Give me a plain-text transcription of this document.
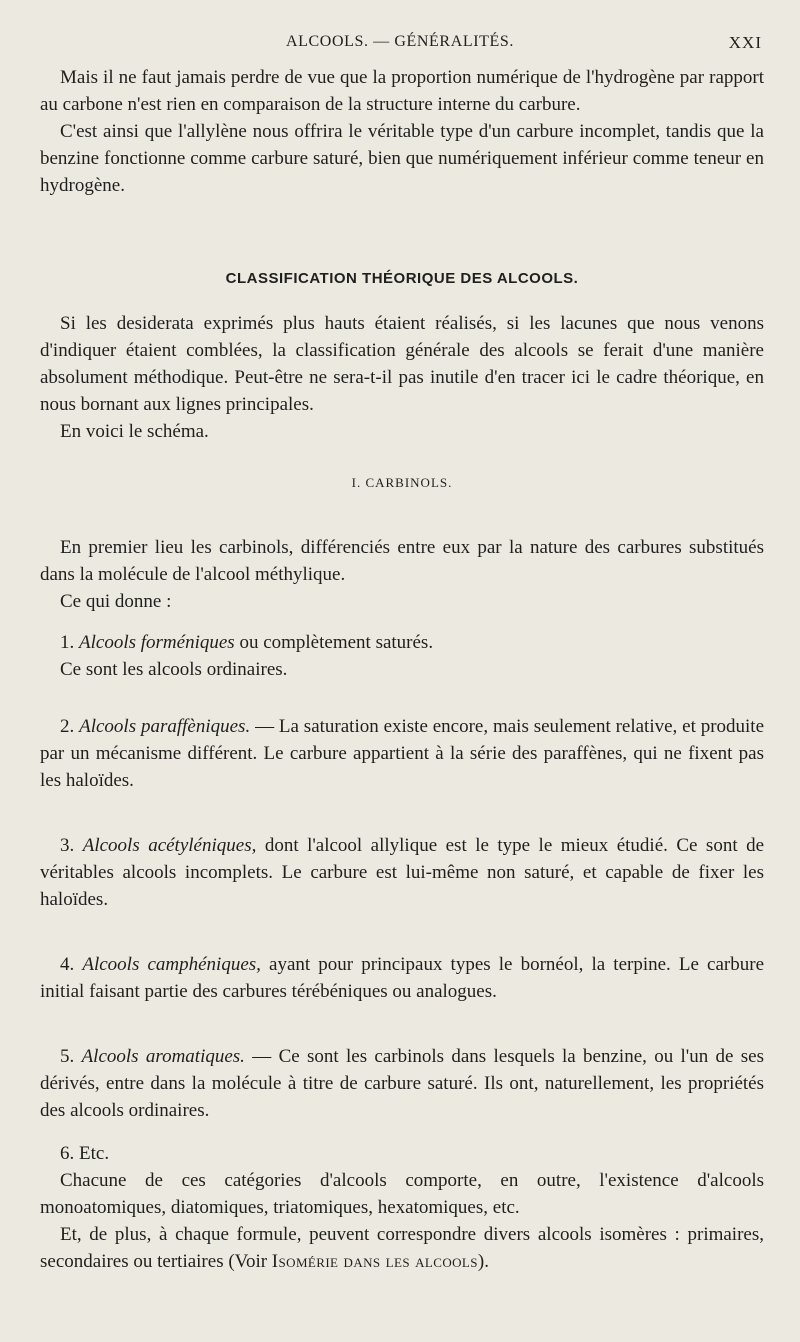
ALCOOLS. — GÉNÉRALITÉS.	XXI

Mais il ne faut jamais perdre de vue que la proportion numérique de l'hydrogène par rapport au carbone n'est rien en comparaison de la structure interne du carbure.

C'est ainsi que l'allylène nous offrira le véritable type d'un carbure incomplet, tandis que la benzine fonctionne comme carbure saturé, bien que numériquement inférieur comme teneur en hydrogène.

CLASSIFICATION THÉORIQUE DES ALCOOLS.

Si les desiderata exprimés plus hauts étaient réalisés, si les lacunes que nous venons d'indiquer étaient comblées, la classification générale des alcools se ferait d'une manière absolument méthodique. Peut-être ne sera-t-il pas inutile d'en tracer ici le cadre théorique, en nous bornant aux lignes principales.

En voici le schéma.

I. CARBINOLS.

En premier lieu les carbinols, différenciés entre eux par la nature des carbures substitués dans la molécule de l'alcool méthylique.

Ce qui donne :

1. Alcools forméniques ou complètement saturés.

Ce sont les alcools ordinaires.

2. Alcools paraffèniques. — La saturation existe encore, mais seulement relative, et produite par un mécanisme différent. Le carbure appartient à la série des paraffènes, qui ne fixent pas les haloïdes.

3. Alcools acétyléniques, dont l'alcool allylique est le type le mieux étudié. Ce sont de véritables alcools incomplets. Le carbure est lui-même non saturé, et capable de fixer les haloïdes.

4. Alcools camphéniques, ayant pour principaux types le bornéol, la terpine. Le carbure initial faisant partie des carbures térébéniques ou analogues.

5. Alcools aromatiques. — Ce sont les carbinols dans lesquels la benzine, ou l'un de ses dérivés, entre dans la molécule à titre de carbure saturé. Ils ont, naturellement, les propriétés des alcools ordinaires.

6. Etc.

Chacune de ces catégories d'alcools comporte, en outre, l'existence d'alcools monoatomiques, diatomiques, triatomiques, hexatomiques, etc.

Et, de plus, à chaque formule, peuvent correspondre divers alcools isomères : primaires, secondaires ou tertiaires (Voir Isomérie dans les alcools).
